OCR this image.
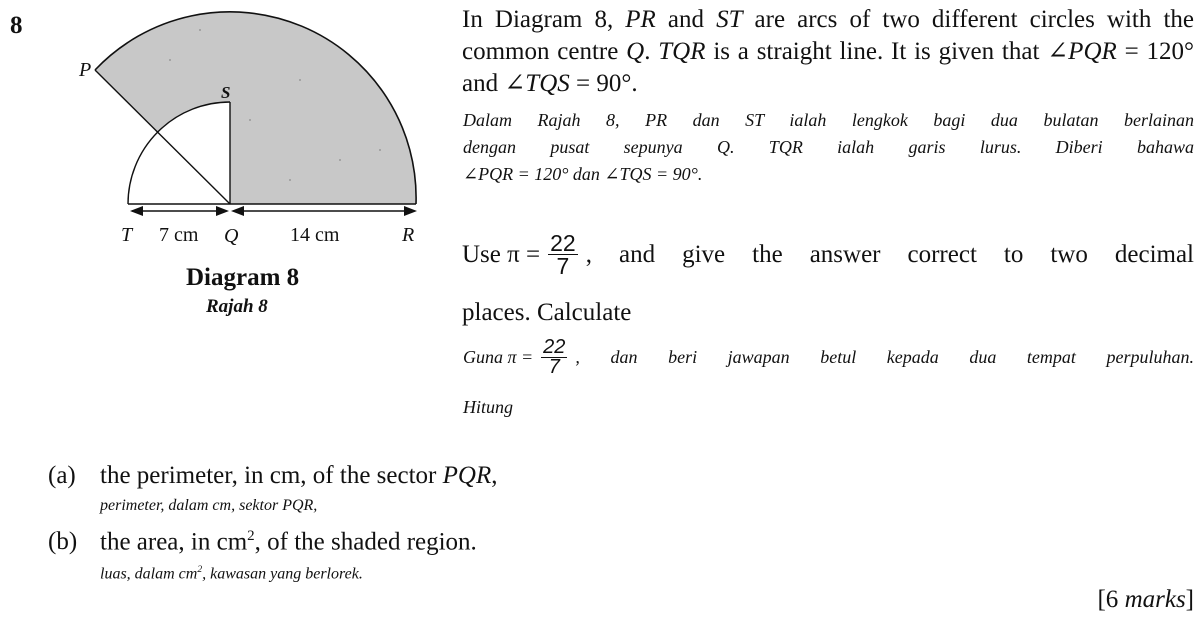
8
P
S
T 7 cm Q	14 cm	R
Diagram 8
Rajah 8
In Diagram 8, PR and ST are arcs of two different circles with the common centre Q. TQR is a straight line. It is given that ∠PQR = 120° and ∠TQS = 90°.
Dalam Rajah 8, PR dan ST ialah lengkok bagi dua bulatan berlainan
dengan pusat sepunya Q. TQR ialah garis lurus. Diberi bahawa
∠PQR = 120° dan ∠TQS = 90°.
Use $\pi = \frac{22}{7}$ , and give the answer correct to two decimal
places. Calculate
Guna $\pi = \frac{22}{7}$ , dan beri jawapan betul kepada dua tempat perpuluhan.
Hitung
(a) the perimeter, in cm, of the sector PQR,
perimeter, dalam cm, sektor PQR,
(b) the area, in $cm^2$, of the shaded region.
luas, dalam $cm^2$, kawasan yang berlorek.
[6 marks]
